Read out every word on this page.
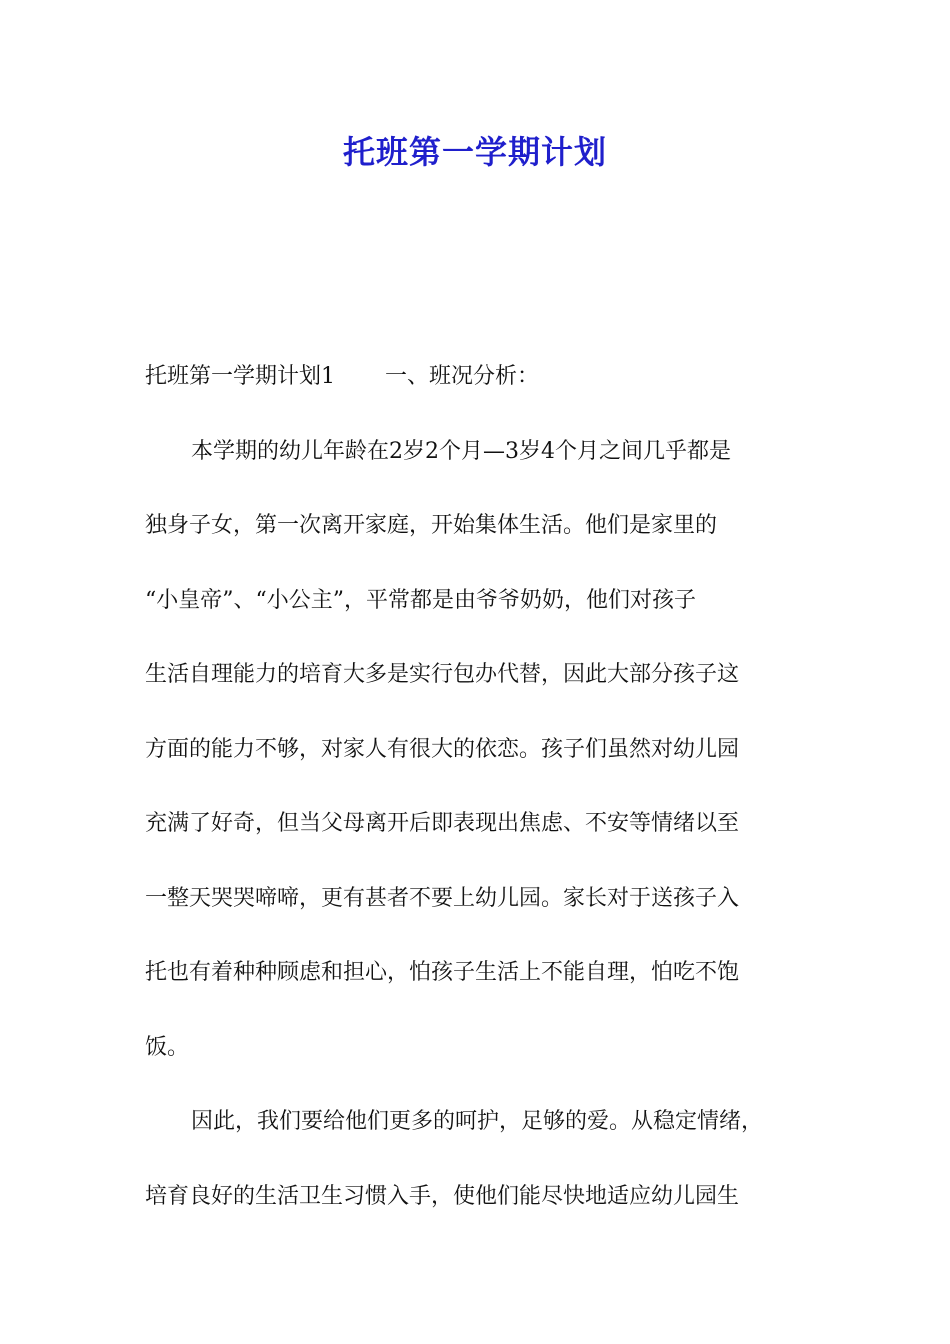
托班第一学期计划

托班第一学期计划1 一、班况分析：

本学期的幼儿年龄在2岁2个月—3岁4个月之间几乎都是

独身子女，第一次离开家庭，开始集体生活。他们是家里的

“小皇帝”、“小公主”，平常都是由爷爷奶奶，他们对孩子

生活自理能力的培育大多是实行包办代替，因此大部分孩子这

方面的能力不够，对家人有很大的依恋。孩子们虽然对幼儿园

充满了好奇，但当父母离开后即表现出焦虑、不安等情绪以至

一整天哭哭啼啼，更有甚者不要上幼儿园。家长对于送孩子入

托也有着种种顾虑和担心，怕孩子生活上不能自理，怕吃不饱

饭。

因此，我们要给他们更多的呵护，足够的爱。从稳定情绪，

培育良好的生活卫生习惯入手，使他们能尽快地适应幼儿园生
